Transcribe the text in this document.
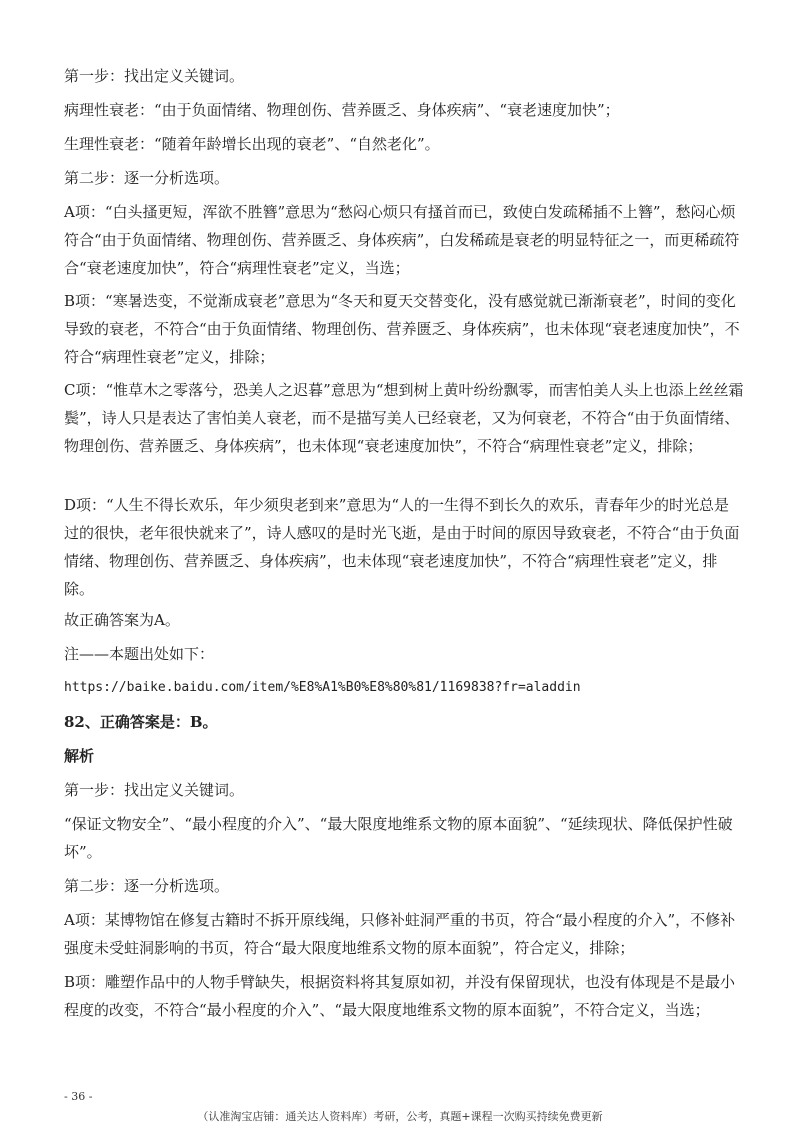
第一步：找出定义关键词。

病理性衰老：“由于负面情绪、物理创伤、营养匮乏、身体疾病”、“衰老速度加快”；

生理性衰老：“随着年龄增长出现的衰老”、“自然老化”。

第二步：逐一分析选项。

A项：“白头搔更短，浑欲不胜簪”意思为“愁闷心烦只有搔首而已，致使白发疏稀插不上簪”，愁闷心烦符合“由于负面情绪、物理创伤、营养匮乏、身体疾病”，白发稀疏是衰老的明显特征之一，而更稀疏符合“衰老速度加快”，符合“病理性衰老”定义，当选；

B项：“寒暑迭变，不觉渐成衰老”意思为“冬天和夏天交替变化，没有感觉就已渐渐衰老”，时间的变化导致的衰老，不符合“由于负面情绪、物理创伤、营养匮乏、身体疾病”，也未体现“衰老速度加快”，不符合“病理性衰老”定义，排除；

C项：“惟草木之零落兮，恐美人之迟暮”意思为“想到树上黄叶纷纷飘零，而害怕美人头上也添上丝丝霜鬓”，诗人只是表达了害怕美人衰老，而不是描写美人已经衰老，又为何衰老，不符合“由于负面情绪、物理创伤、营养匮乏、身体疾病”，也未体现“衰老速度加快”，不符合“病理性衰老”定义，排除；

D项：“人生不得长欢乐，年少须臾老到来”意思为“人的一生得不到长久的欢乐，青春年少的时光总是过的很快，老年很快就来了”，诗人感叹的是时光飞逝，是由于时间的原因导致衰老，不符合“由于负面情绪、物理创伤、营养匮乏、身体疾病”，也未体现“衰老速度加快”，不符合“病理性衰老”定义，排除。

故正确答案为A。

注——本题出处如下：

https://baike.baidu.com/item/%E8%A1%B0%E8%80%81/1169838?fr=aladdin

82、正确答案是：B。

解析

第一步：找出定义关键词。

“保证文物安全”、“最小程度的介入”、“最大限度地维系文物的原本面貌”、“延续现状、降低保护性破坏”。

第二步：逐一分析选项。

A项：某博物馆在修复古籍时不拆开原线绳，只修补蛀洞严重的书页，符合“最小程度的介入”，不修补强度未受蛀洞影响的书页，符合“最大限度地维系文物的原本面貌”，符合定义，排除；

B项：雕塑作品中的人物手臂缺失，根据资料将其复原如初，并没有保留现状，也没有体现是不是最小程度的改变，不符合“最小程度的介入”、“最大限度地维系文物的原本面貌”，不符合定义，当选；

- 36 -
（认准淘宝店铺：通关达人资料库）考研，公考，真题+课程一次购买持续免费更新
